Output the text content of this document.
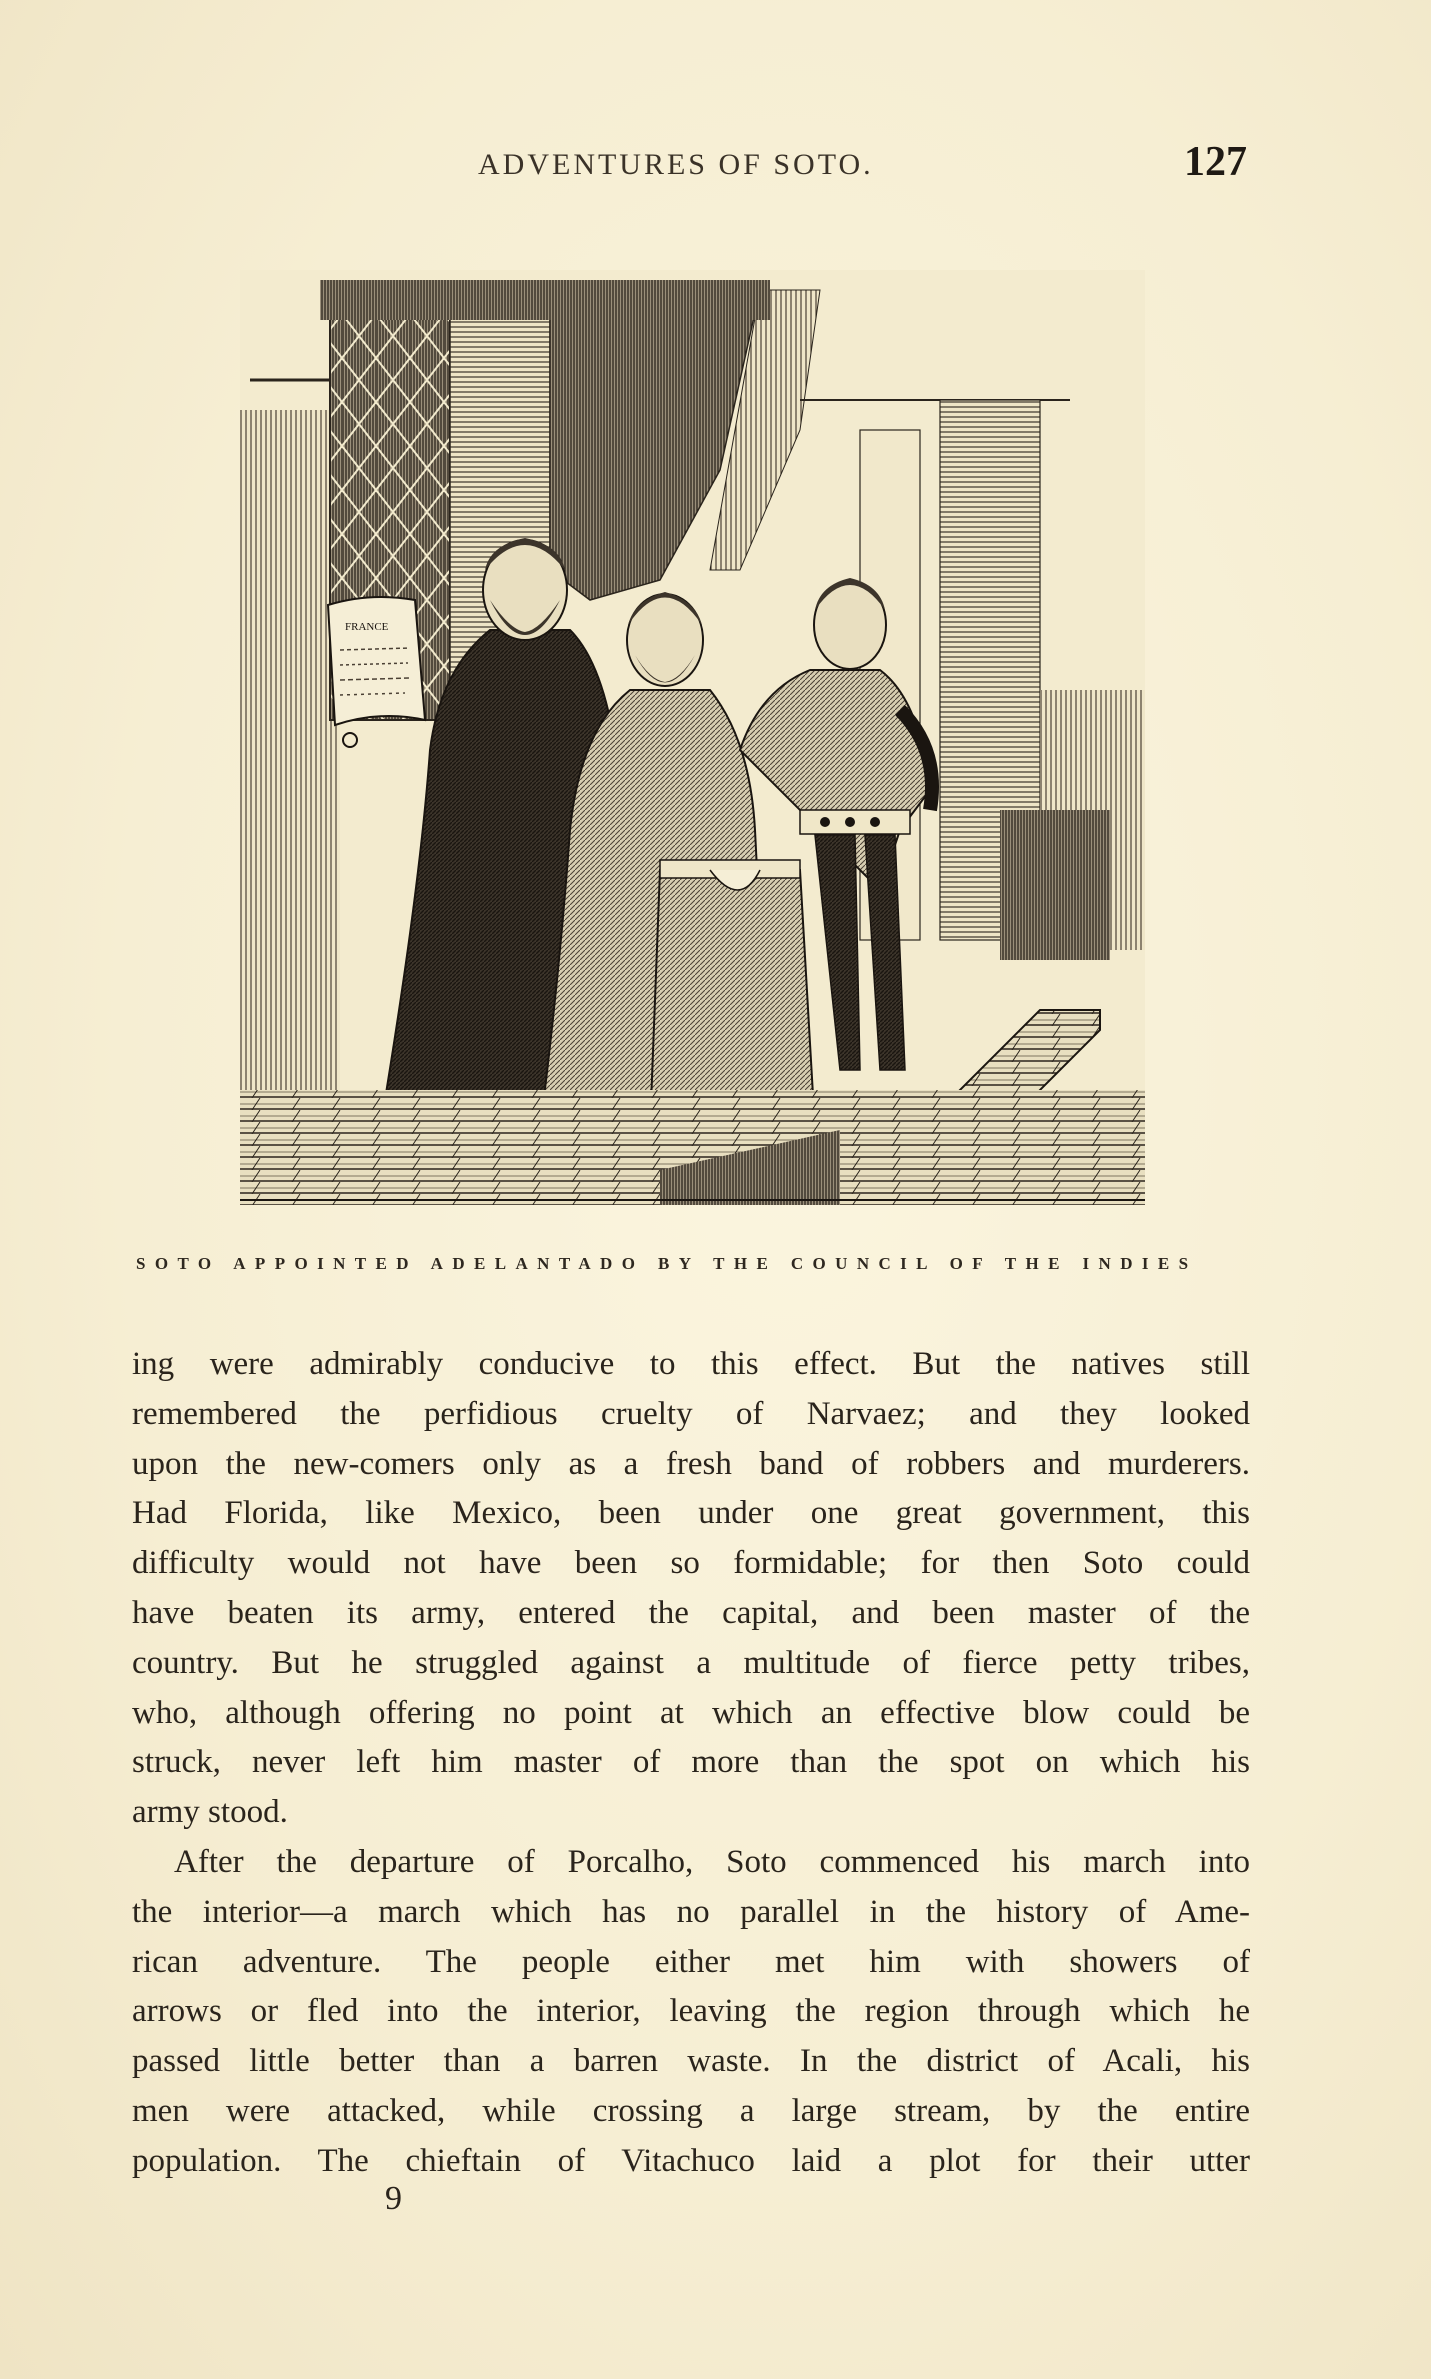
ADVENTURES OF SOTO.	127
FRANCE
SOTO APPOINTED ADELANTADO BY THE COUNCIL OF THE INDIES
ing were admirably conducive to this effect. But the natives still
remembered the perfidious cruelty of Narvaez; and they looked
upon the new-comers only as a fresh band of robbers and murderers.
Had Florida, like Mexico, been under one great government, this
difficulty would not have been so formidable; for then Soto could
have beaten its army, entered the capital, and been master of the
country. But he struggled against a multitude of fierce petty tribes,
who, although offering no point at which an effective blow could be
struck, never left him master of more than the spot on which his
army stood.
After the departure of Porcalho, Soto commenced his march into
the interior—a march which has no parallel in the history of Ame-
rican adventure. The people either met him with showers of
arrows or fled into the interior, leaving the region through which he
passed little better than a barren waste. In the district of Acali, his
men were attacked, while crossing a large stream, by the entire
population. The chieftain of Vitachuco laid a plot for their utter
9
